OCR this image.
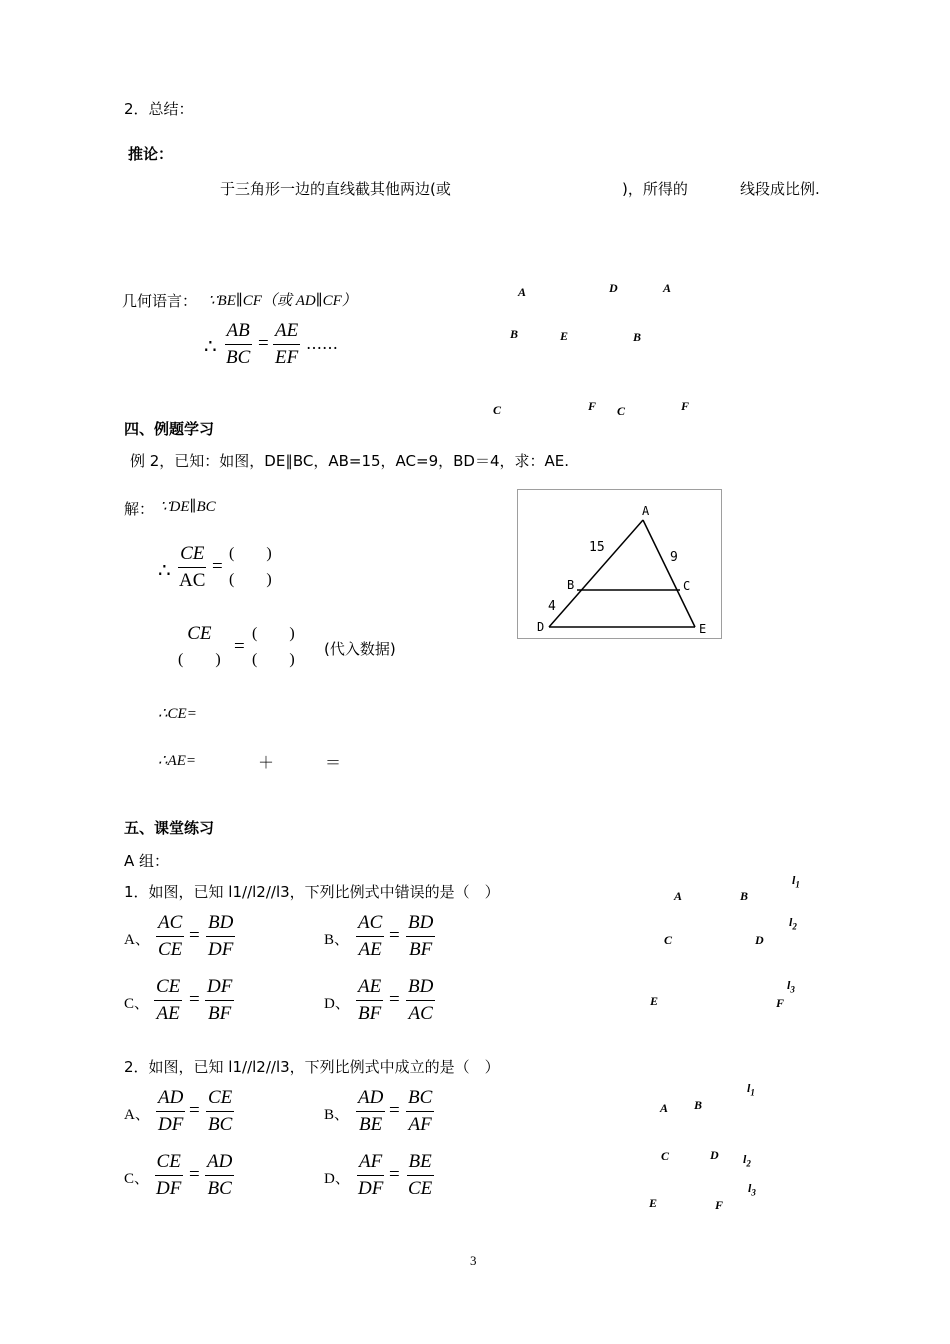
2．总结：
推论：
于三角形一边的直线截其他两边(或	)，所得的	线段成比例.
几何语言： ∵BE∥CF（或 AD∥CF）
∴ $\frac{AB}{BC} = \frac{AE}{EF}$ ……
A	D	A
B	E	B
C	F C	F
四、例题学习
例 2，已知：如图，DE∥BC，AB=15，AC=9，BD＝4，求：AE.
解： ∵DE∥BC
∴ $\frac{CE}{AC}$ =
(　　)
(　　)
CE
(　　)
=
(　　)
(　　)
(代入数据)
∴CE=
∴AE=	＋	＝
A
B	C
D	E
15
9
4
五、课堂练习
A 组：
1．如图，已知 l1//l2//l3，下列比例式中错误的是（　）
A、 $\frac{AC}{CE} = \frac{BD}{DF}$	B、 $\frac{AC}{AE} = \frac{BD}{BF}$
C、 $\frac{CE}{AE} = \frac{DF}{BF}$	D、 $\frac{AE}{BF} = \frac{BD}{AC}$
A	B
C	D
E	F
$l_1$
$l_2$
$l_3$
2．如图，已知 l1//l2//l3，下列比例式中成立的是（　）
A、 $\frac{AD}{DF} = \frac{CE}{BC}$	B、 $\frac{AD}{BE} = \frac{BC}{AF}$
C、 $\frac{CE}{DF} = \frac{AD}{BC}$	D、 $\frac{AF}{DF} = \frac{BE}{CE}$
A B
C	D
E	F
$l_1$
$l_2$
$l_3$
3
